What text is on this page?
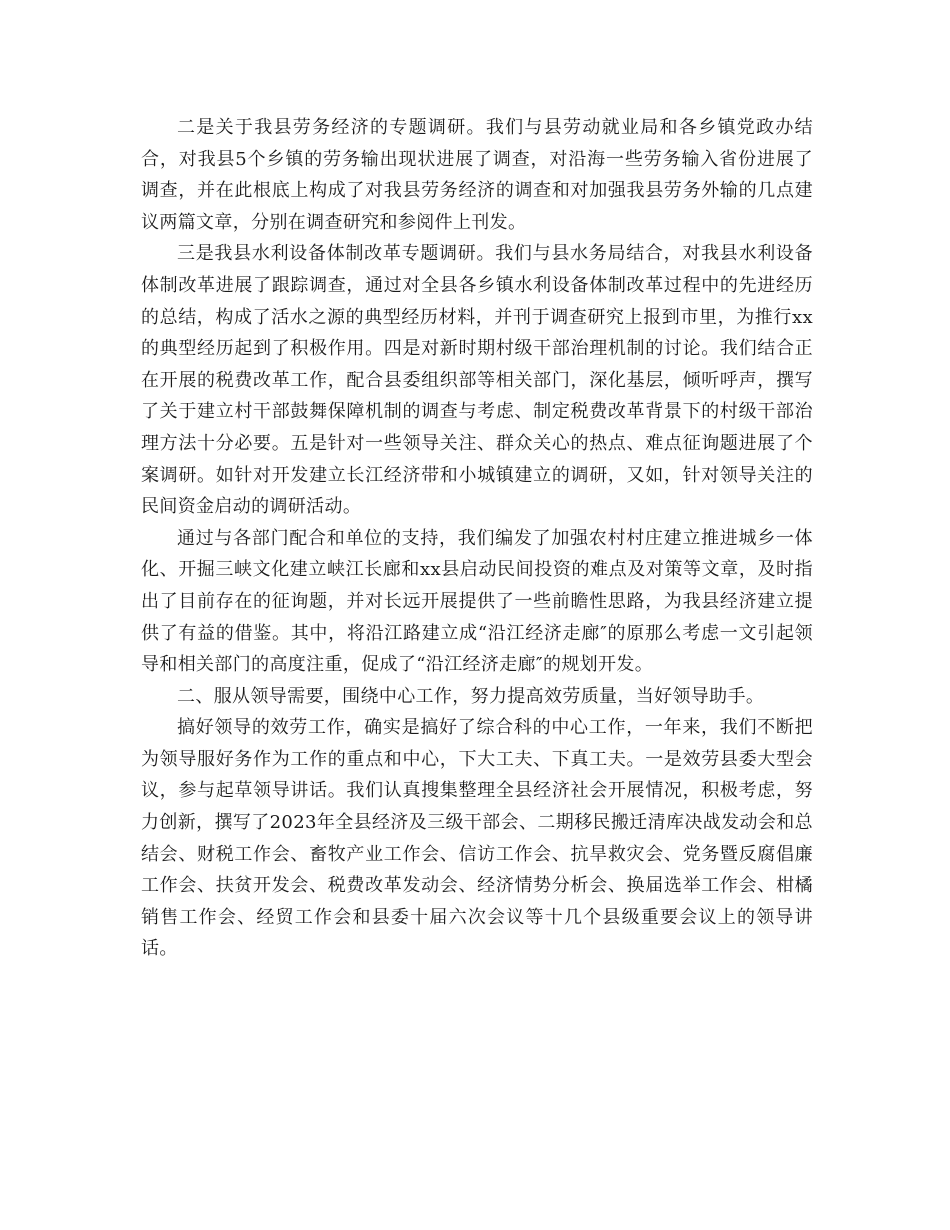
二是关于我县劳务经济的专题调研。我们与县劳动就业局和各乡镇党政办结合，对我县5个乡镇的劳务输出现状进展了调查，对沿海一些劳务输入省份进展了调查，并在此根底上构成了对我县劳务经济的调查和对加强我县劳务外输的几点建议两篇文章，分别在调查研究和参阅件上刊发。

三是我县水利设备体制改革专题调研。我们与县水务局结合，对我县水利设备体制改革进展了跟踪调查，通过对全县各乡镇水利设备体制改革过程中的先进经历的总结，构成了活水之源的典型经历材料，并刊于调查研究上报到市里，为推行xx的典型经历起到了积极作用。四是对新时期村级干部治理机制的讨论。我们结合正在开展的税费改革工作，配合县委组织部等相关部门，深化基层，倾听呼声，撰写了关于建立村干部鼓舞保障机制的调查与考虑、制定税费改革背景下的村级干部治理方法十分必要。五是针对一些领导关注、群众关心的热点、难点征询题进展了个案调研。如针对开发建立长江经济带和小城镇建立的调研，又如，针对领导关注的民间资金启动的调研活动。

通过与各部门配合和单位的支持，我们编发了加强农村村庄建立推进城乡一体化、开掘三峡文化建立峡江长廊和xx县启动民间投资的难点及对策等文章，及时指出了目前存在的征询题，并对长远开展提供了一些前瞻性思路，为我县经济建立提供了有益的借鉴。其中，将沿江路建立成“沿江经济走廊″的原那么考虑一文引起领导和相关部门的高度注重，促成了“沿江经济走廊″的规划开发。

二、服从领导需要，围绕中心工作，努力提高效劳质量，当好领导助手。

搞好领导的效劳工作，确实是搞好了综合科的中心工作，一年来，我们不断把为领导服好务作为工作的重点和中心，下大工夫、下真工夫。一是效劳县委大型会议，参与起草领导讲话。我们认真搜集整理全县经济社会开展情况，积极考虑，努力创新，撰写了2023年全县经济及三级干部会、二期移民搬迁清库决战发动会和总结会、财税工作会、畜牧产业工作会、信访工作会、抗旱救灾会、党务暨反腐倡廉工作会、扶贫开发会、税费改革发动会、经济情势分析会、换届选举工作会、柑橘销售工作会、经贸工作会和县委十届六次会议等十几个县级重要会议上的领导讲话。
